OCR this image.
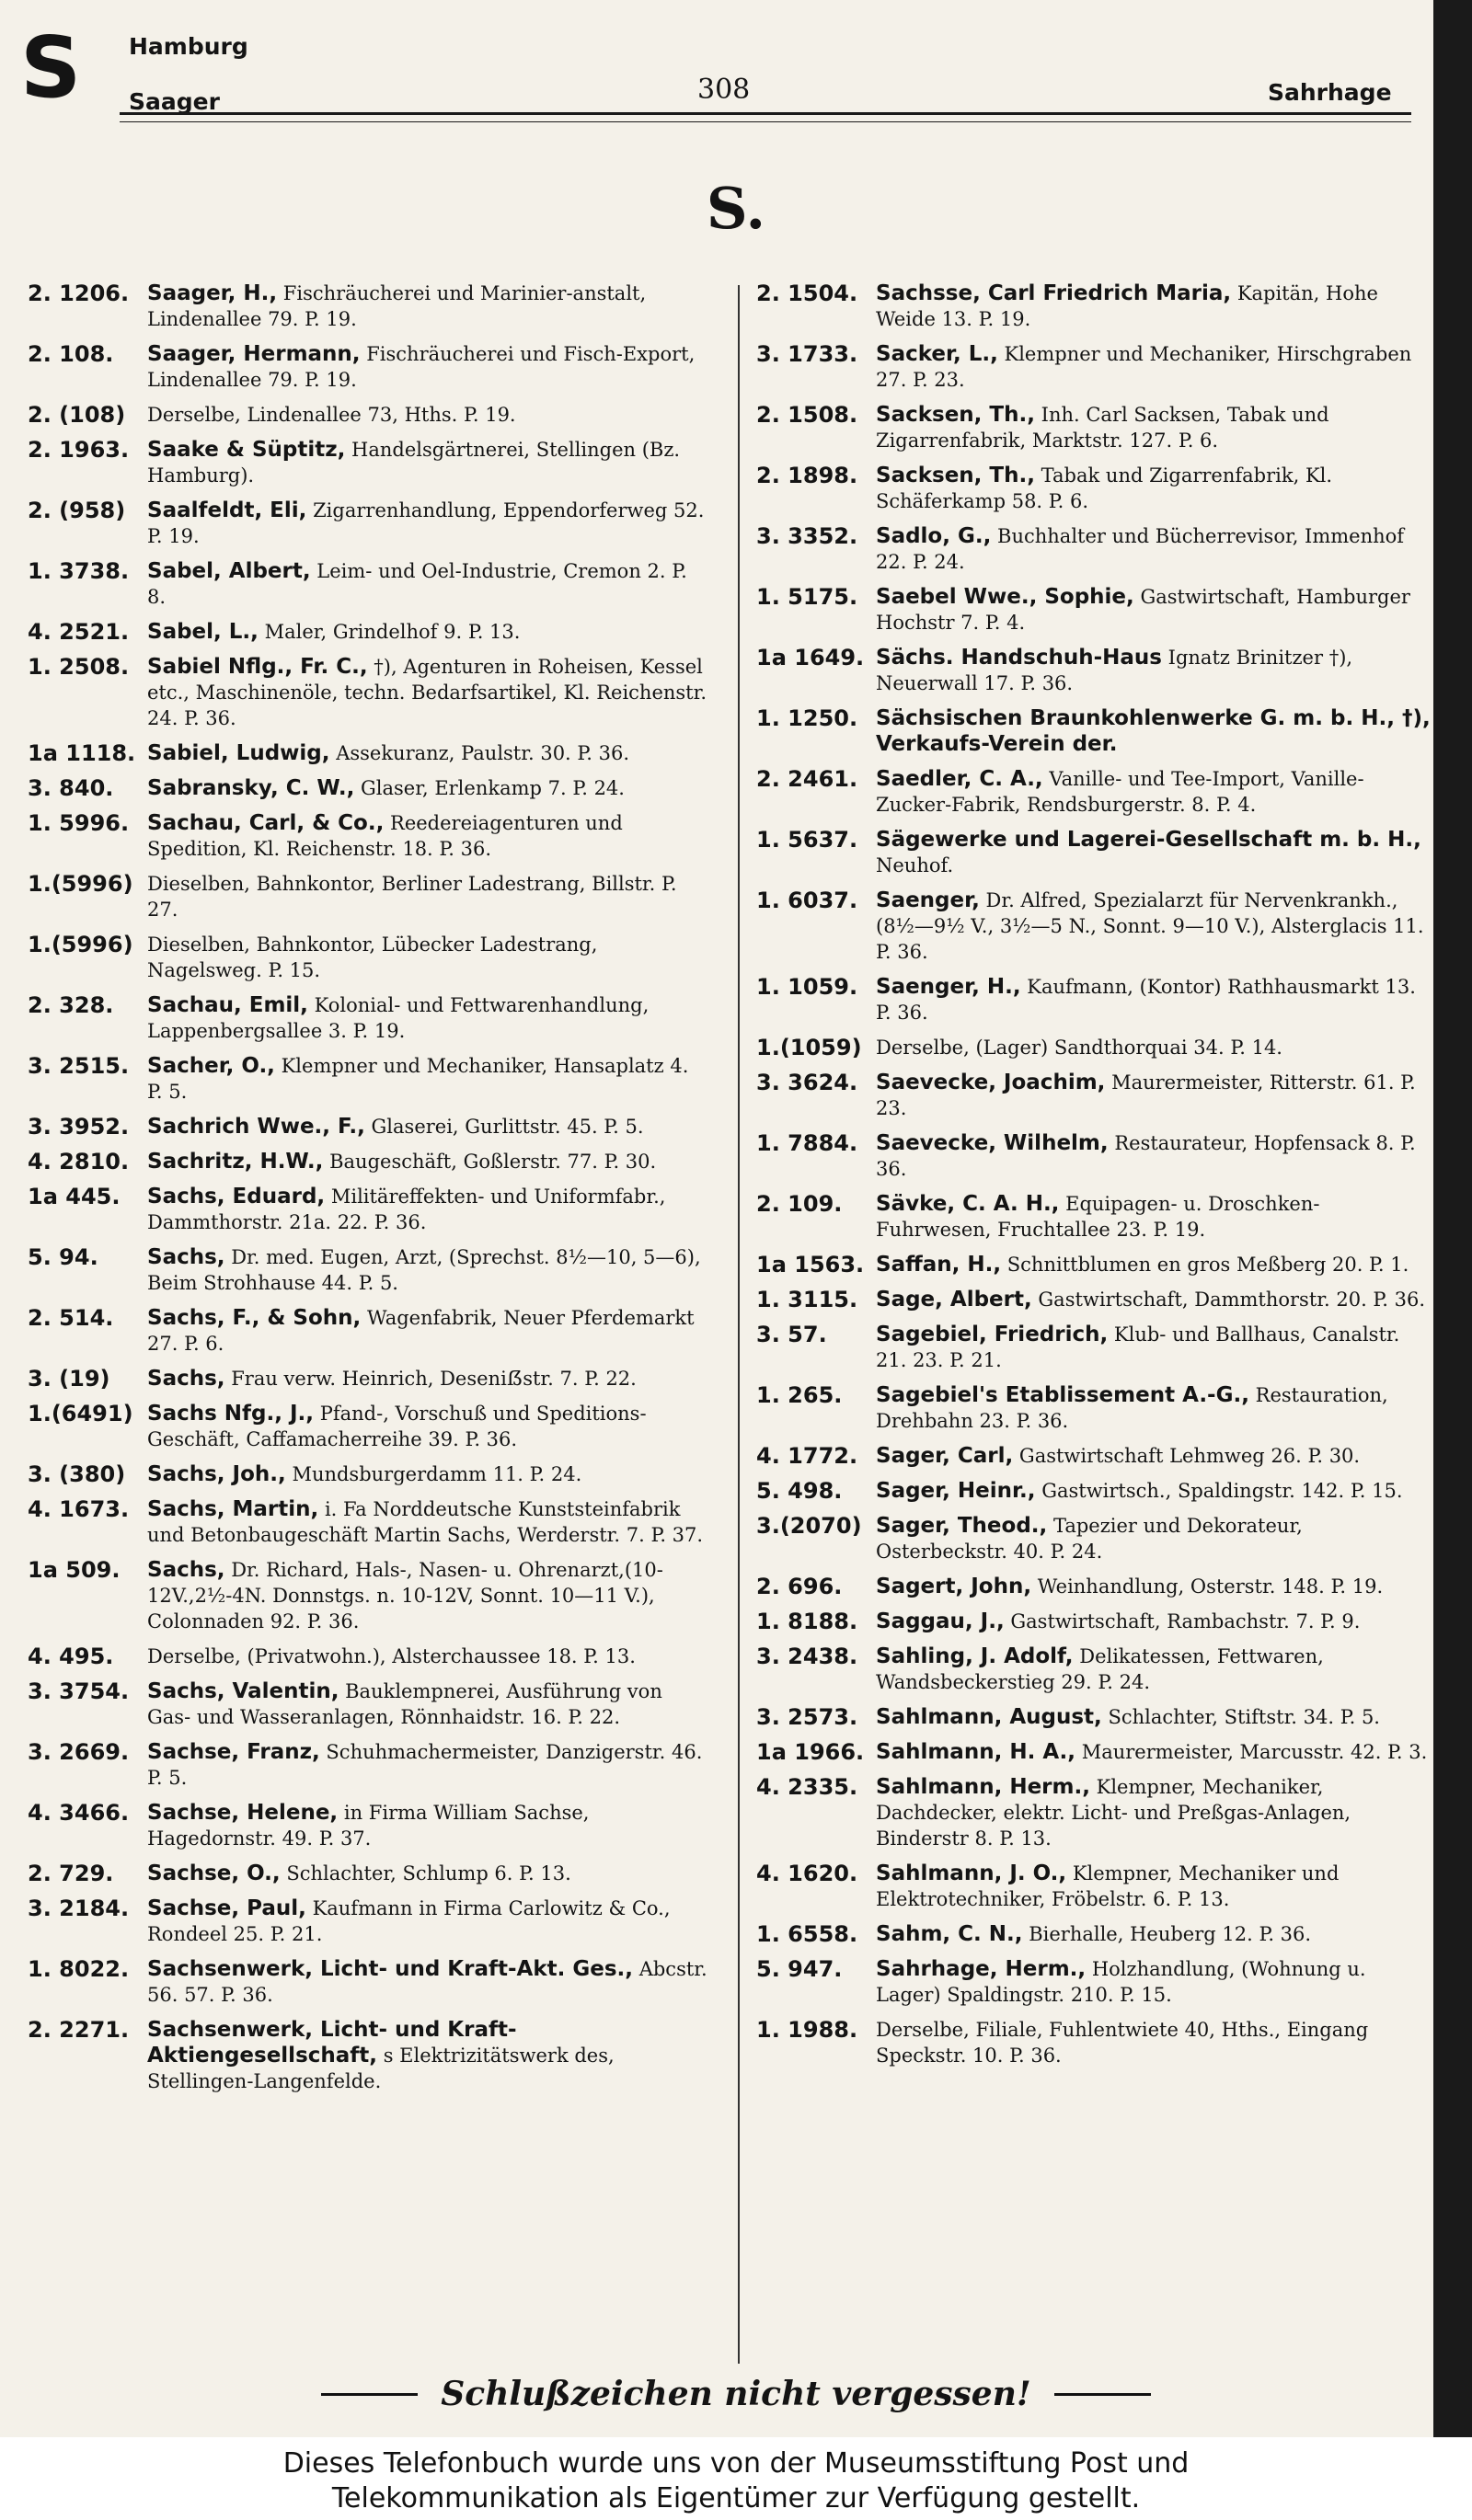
S Hamburg
Saager	308	Sahrhage
S.
2. 1206. Saager, H., Fischräucherei und Marinier-anstalt, Lindenallee 79. P. 19.
2. 108. Saager, Hermann, Fischräucherei und Fisch-Export, Lindenallee 79. P. 19.
2. (108) Derselbe, Lindenallee 73, Hths. P. 19.
2. 1963. Saake & Süptitz, Handelsgärtnerei, Stellingen (Bz. Hamburg).
2. (958) Saalfeldt, Eli, Zigarrenhandlung, Eppendorferweg 52. P. 19.
1. 3738. Sabel, Albert, Leim- und Oel-Industrie, Cremon 2. P. 8.
4. 2521. Sabel, L., Maler, Grindelhof 9. P. 13.
1. 2508. Sabiel Nflg., Fr. C., †), Agenturen in Roheisen, Kessel etc., Maschinenöle, techn. Bedarfsartikel, Kl. Reichenstr. 24. P. 36.
1a 1118. Sabiel, Ludwig, Assekuranz, Paulstr. 30. P. 36.
3. 840. Sabransky, C. W., Glaser, Erlenkamp 7. P. 24.
1. 5996. Sachau, Carl, & Co., Reedereiagenturen und Spedition, Kl. Reichenstr. 18. P. 36.
1.(5996) Dieselben, Bahnkontor, Berliner Ladestrang, Billstr. P. 27.
1.(5996) Dieselben, Bahnkontor, Lübecker Ladestrang, Nagelsweg. P. 15.
2. 328. Sachau, Emil, Kolonial- und Fettwarenhandlung, Lappenbergsallee 3. P. 19.
3. 2515. Sacher, O., Klempner und Mechaniker, Hansaplatz 4. P. 5.
3. 3952. Sachrich Wwe., F., Glaserei, Gurlittstr. 45. P. 5.
4. 2810. Sachritz, H.W., Baugeschäft, Goßlerstr. 77. P. 30.
1a 445. Sachs, Eduard, Militäreffekten- und Uniformfabr., Dammthorstr. 21a. 22. P. 36.
5. 94. Sachs, Dr. med. Eugen, Arzt, (Sprechst. 8½—10, 5—6), Beim Strohhause 44. P. 5.
2. 514. Sachs, F., & Sohn, Wagenfabrik, Neuer Pferdemarkt 27. P. 6.
3. (19) Sachs, Frau verw. Heinrich, Deseniẞstr. 7. P. 22.
1.(6491) Sachs Nfg., J., Pfand-, Vorschuß und Speditions-Geschäft, Caffamacherreihe 39. P. 36.
3. (380) Sachs, Joh., Mundsburgerdamm 11. P. 24.
4. 1673. Sachs, Martin, i. Fa Norddeutsche Kunststeinfabrik und Betonbaugeschäft Martin Sachs, Werderstr. 7. P. 37.
1a 509. Sachs, Dr. Richard, Hals-, Nasen- u. Ohrenarzt,(10-12V.,2½-4N. Donnstgs. n. 10-12V, Sonnt. 10—11 V.), Colonnaden 92. P. 36.
4. 495. Derselbe, (Privatwohn.), Alsterchaussee 18. P. 13.
3. 3754. Sachs, Valentin, Bauklempnerei, Ausführung von Gas- und Wasseranlagen, Rönnhaidstr. 16. P. 22.
3. 2669. Sachse, Franz, Schuhmachermeister, Danzigerstr. 46. P. 5.
4. 3466. Sachse, Helene, in Firma William Sachse, Hagedornstr. 49. P. 37.
2. 729. Sachse, O., Schlachter, Schlump 6. P. 13.
3. 2184. Sachse, Paul, Kaufmann in Firma Carlowitz & Co., Rondeel 25. P. 21.
1. 8022. Sachsenwerk, Licht- und Kraft-Akt. Ges., Abcstr. 56. 57. P. 36.
2. 2271. Sachsenwerk, Licht- und Kraft-Aktiengesellschaft, s Elektrizitätswerk des, Stellingen-Langenfelde.
2. 1504. Sachsse, Carl Friedrich Maria, Kapitän, Hohe Weide 13. P. 19.
3. 1733. Sacker, L., Klempner und Mechaniker, Hirschgraben 27. P. 23.
2. 1508. Sacksen, Th., Inh. Carl Sacksen, Tabak und Zigarrenfabrik, Marktstr. 127. P. 6.
2. 1898. Sacksen, Th., Tabak und Zigarrenfabrik, Kl. Schäferkamp 58. P. 6.
3. 3352. Sadlo, G., Buchhalter und Bücherrevisor, Immenhof 22. P. 24.
1. 5175. Saebel Wwe., Sophie, Gastwirtschaft, Hamburger Hochstr 7. P. 4.
1a 1649. Sächs. Handschuh-Haus Ignatz Brinitzer †), Neuerwall 17. P. 36.
1. 1250. Sächsischen Braunkohlenwerke G. m. b. H., †), Verkaufs-Verein der.
2. 2461. Saedler, C. A., Vanille- und Tee-Import, Vanille-Zucker-Fabrik, Rendsburgerstr. 8. P. 4.
1. 5637. Sägewerke und Lagerei-Gesellschaft m. b. H., Neuhof.
1. 6037. Saenger, Dr. Alfred, Spezialarzt für Nervenkrankh., (8½—9½ V., 3½—5 N., Sonnt. 9—10 V.), Alsterglacis 11. P. 36.
1. 1059. Saenger, H., Kaufmann, (Kontor) Rathhausmarkt 13. P. 36.
1.(1059) Derselbe, (Lager) Sandthorquai 34. P. 14.
3. 3624. Saevecke, Joachim, Maurermeister, Ritterstr. 61. P. 23.
1. 7884. Saevecke, Wilhelm, Restaurateur, Hopfensack 8. P. 36.
2. 109. Sävke, C. A. H., Equipagen- u. Droschken-Fuhrwesen, Fruchtallee 23. P. 19.
1a 1563. Saffan, H., Schnittblumen en gros Meßberg 20. P. 1.
1. 3115. Sage, Albert, Gastwirtschaft, Dammthorstr. 20. P. 36.
3. 57. Sagebiel, Friedrich, Klub- und Ballhaus, Canalstr. 21. 23. P. 21.
1. 265. Sagebiel's Etablissement A.-G., Restauration, Drehbahn 23. P. 36.
4. 1772. Sager, Carl, Gastwirtschaft Lehmweg 26. P. 30.
5. 498. Sager, Heinr., Gastwirtsch., Spaldingstr. 142. P. 15.
3.(2070) Sager, Theod., Tapezier und Dekorateur, Osterbeckstr. 40. P. 24.
2. 696. Sagert, John, Weinhandlung, Osterstr. 148. P. 19.
1. 8188. Saggau, J., Gastwirtschaft, Rambachstr. 7. P. 9.
3. 2438. Sahling, J. Adolf, Delikatessen, Fettwaren, Wandsbeckerstieg 29. P. 24.
3. 2573. Sahlmann, August, Schlachter, Stiftstr. 34. P. 5.
1a 1966. Sahlmann, H. A., Maurermeister, Marcusstr. 42. P. 3.
4. 2335. Sahlmann, Herm., Klempner, Mechaniker, Dachdecker, elektr. Licht- und Preßgas-Anlagen, Binderstr 8. P. 13.
4. 1620. Sahlmann, J. O., Klempner, Mechaniker und Elektrotechniker, Fröbelstr. 6. P. 13.
1. 6558. Sahm, C. N., Bierhalle, Heuberg 12. P. 36.
5. 947. Sahrhage, Herm., Holzhandlung, (Wohnung u. Lager) Spaldingstr. 210. P. 15.
1. 1988. Derselbe, Filiale, Fuhlentwiete 40, Hths., Eingang Speckstr. 10. P. 36.
Schlußzeichen nicht vergessen!
Dieses Telefonbuch wurde uns von der Museumsstiftung Post und
Telekommunikation als Eigentümer zur Verfügung gestellt.
